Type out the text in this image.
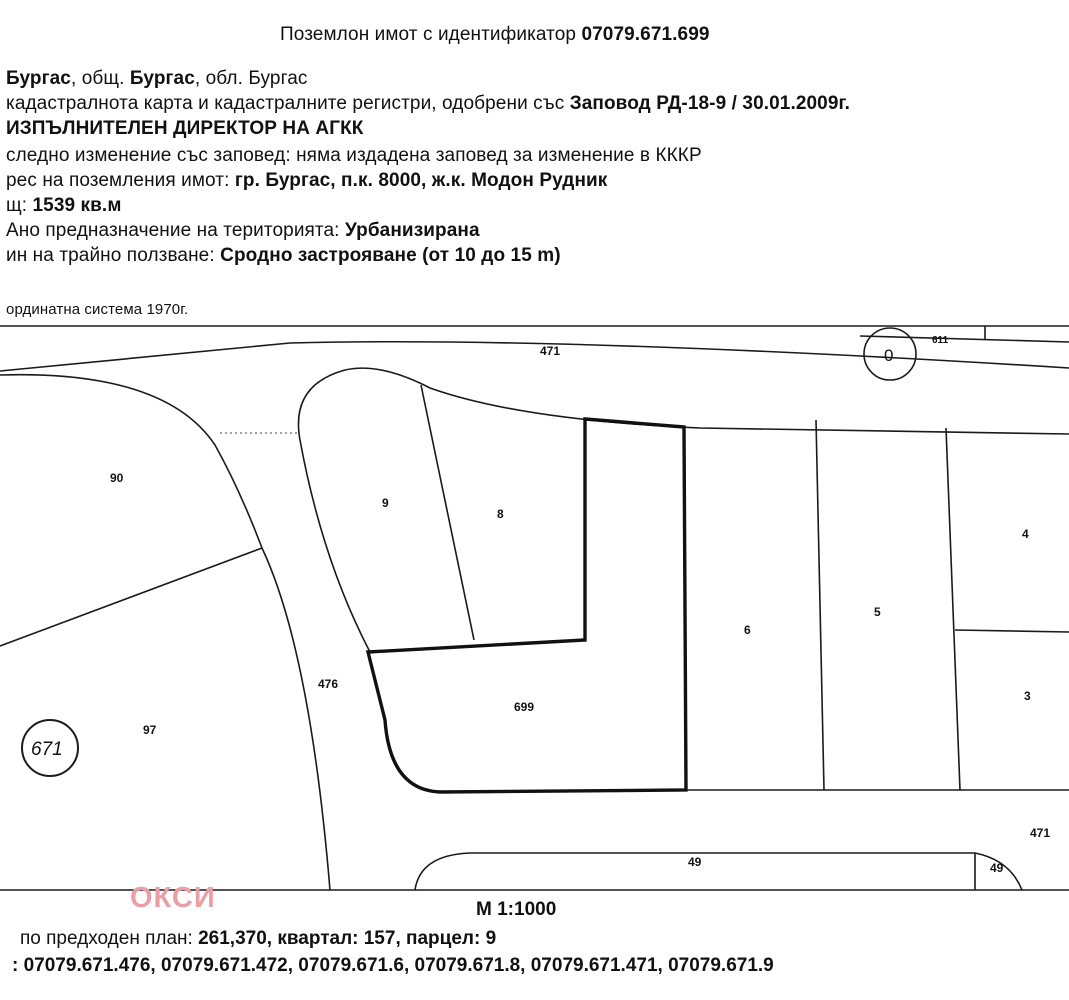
Поземлон имот с идентификатор 07079.671.699
Бургас, общ. Бургас, обл. Бургас
кадастралнота карта и кадастралните регистри, одобрени със Заповод РД-18-9 / 30.01.2009г.
ИЗПЪЛНИТЕЛЕН ДИРЕКТОР НА АГКК
следно изменение със заповед: няма издадена заповед за изменение в КККР
рес на поземления имот: гр. Бургас, п.к. 8000, ж.к. Модон Рудник
щ: 1539 кв.м
Ано предназначение на територията: Урбанизирана
ин на трайно ползване: Сродно застрояване (от 10 до 15 m)
ординатна система 1970г.
471	0
611
90
9
8
4
6
5
476
699
3
97
671
471
49	49
ОКСИ	М 1:1000
по предходен план: 261,370, квартал: 157, парцел: 9
: 07079.671.476, 07079.671.472, 07079.671.6, 07079.671.8, 07079.671.471, 07079.671.9
